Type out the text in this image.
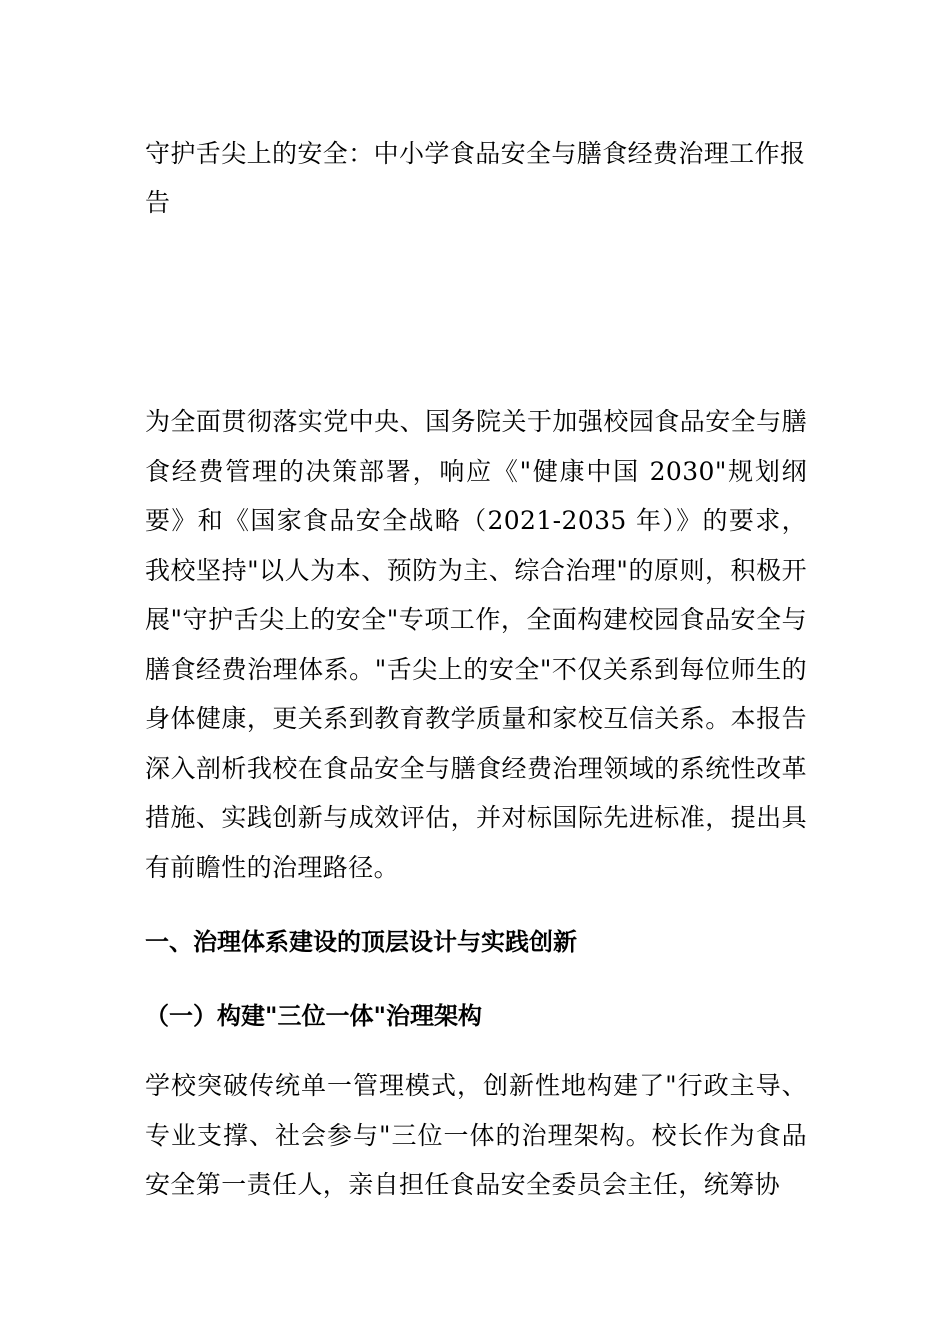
守护舌尖上的安全：中小学食品安全与膳食经费治理工作报告

为全面贯彻落实党中央、国务院关于加强校园食品安全与膳食经费管理的决策部署，响应《"健康中国 2030"规划纲要》和《国家食品安全战略（2021-2035 年）》的要求，我校坚持"以人为本、预防为主、综合治理"的原则，积极开展"守护舌尖上的安全"专项工作，全面构建校园食品安全与膳食经费治理体系。"舌尖上的安全"不仅关系到每位师生的身体健康，更关系到教育教学质量和家校互信关系。本报告深入剖析我校在食品安全与膳食经费治理领域的系统性改革措施、实践创新与成效评估，并对标国际先进标准，提出具有前瞻性的治理路径。

一、治理体系建设的顶层设计与实践创新
（一）构建"三位一体"治理架构

学校突破传统单一管理模式，创新性地构建了"行政主导、专业支撑、社会参与"三位一体的治理架构。校长作为食品安全第一责任人，亲自担任食品安全委员会主任，统筹协
